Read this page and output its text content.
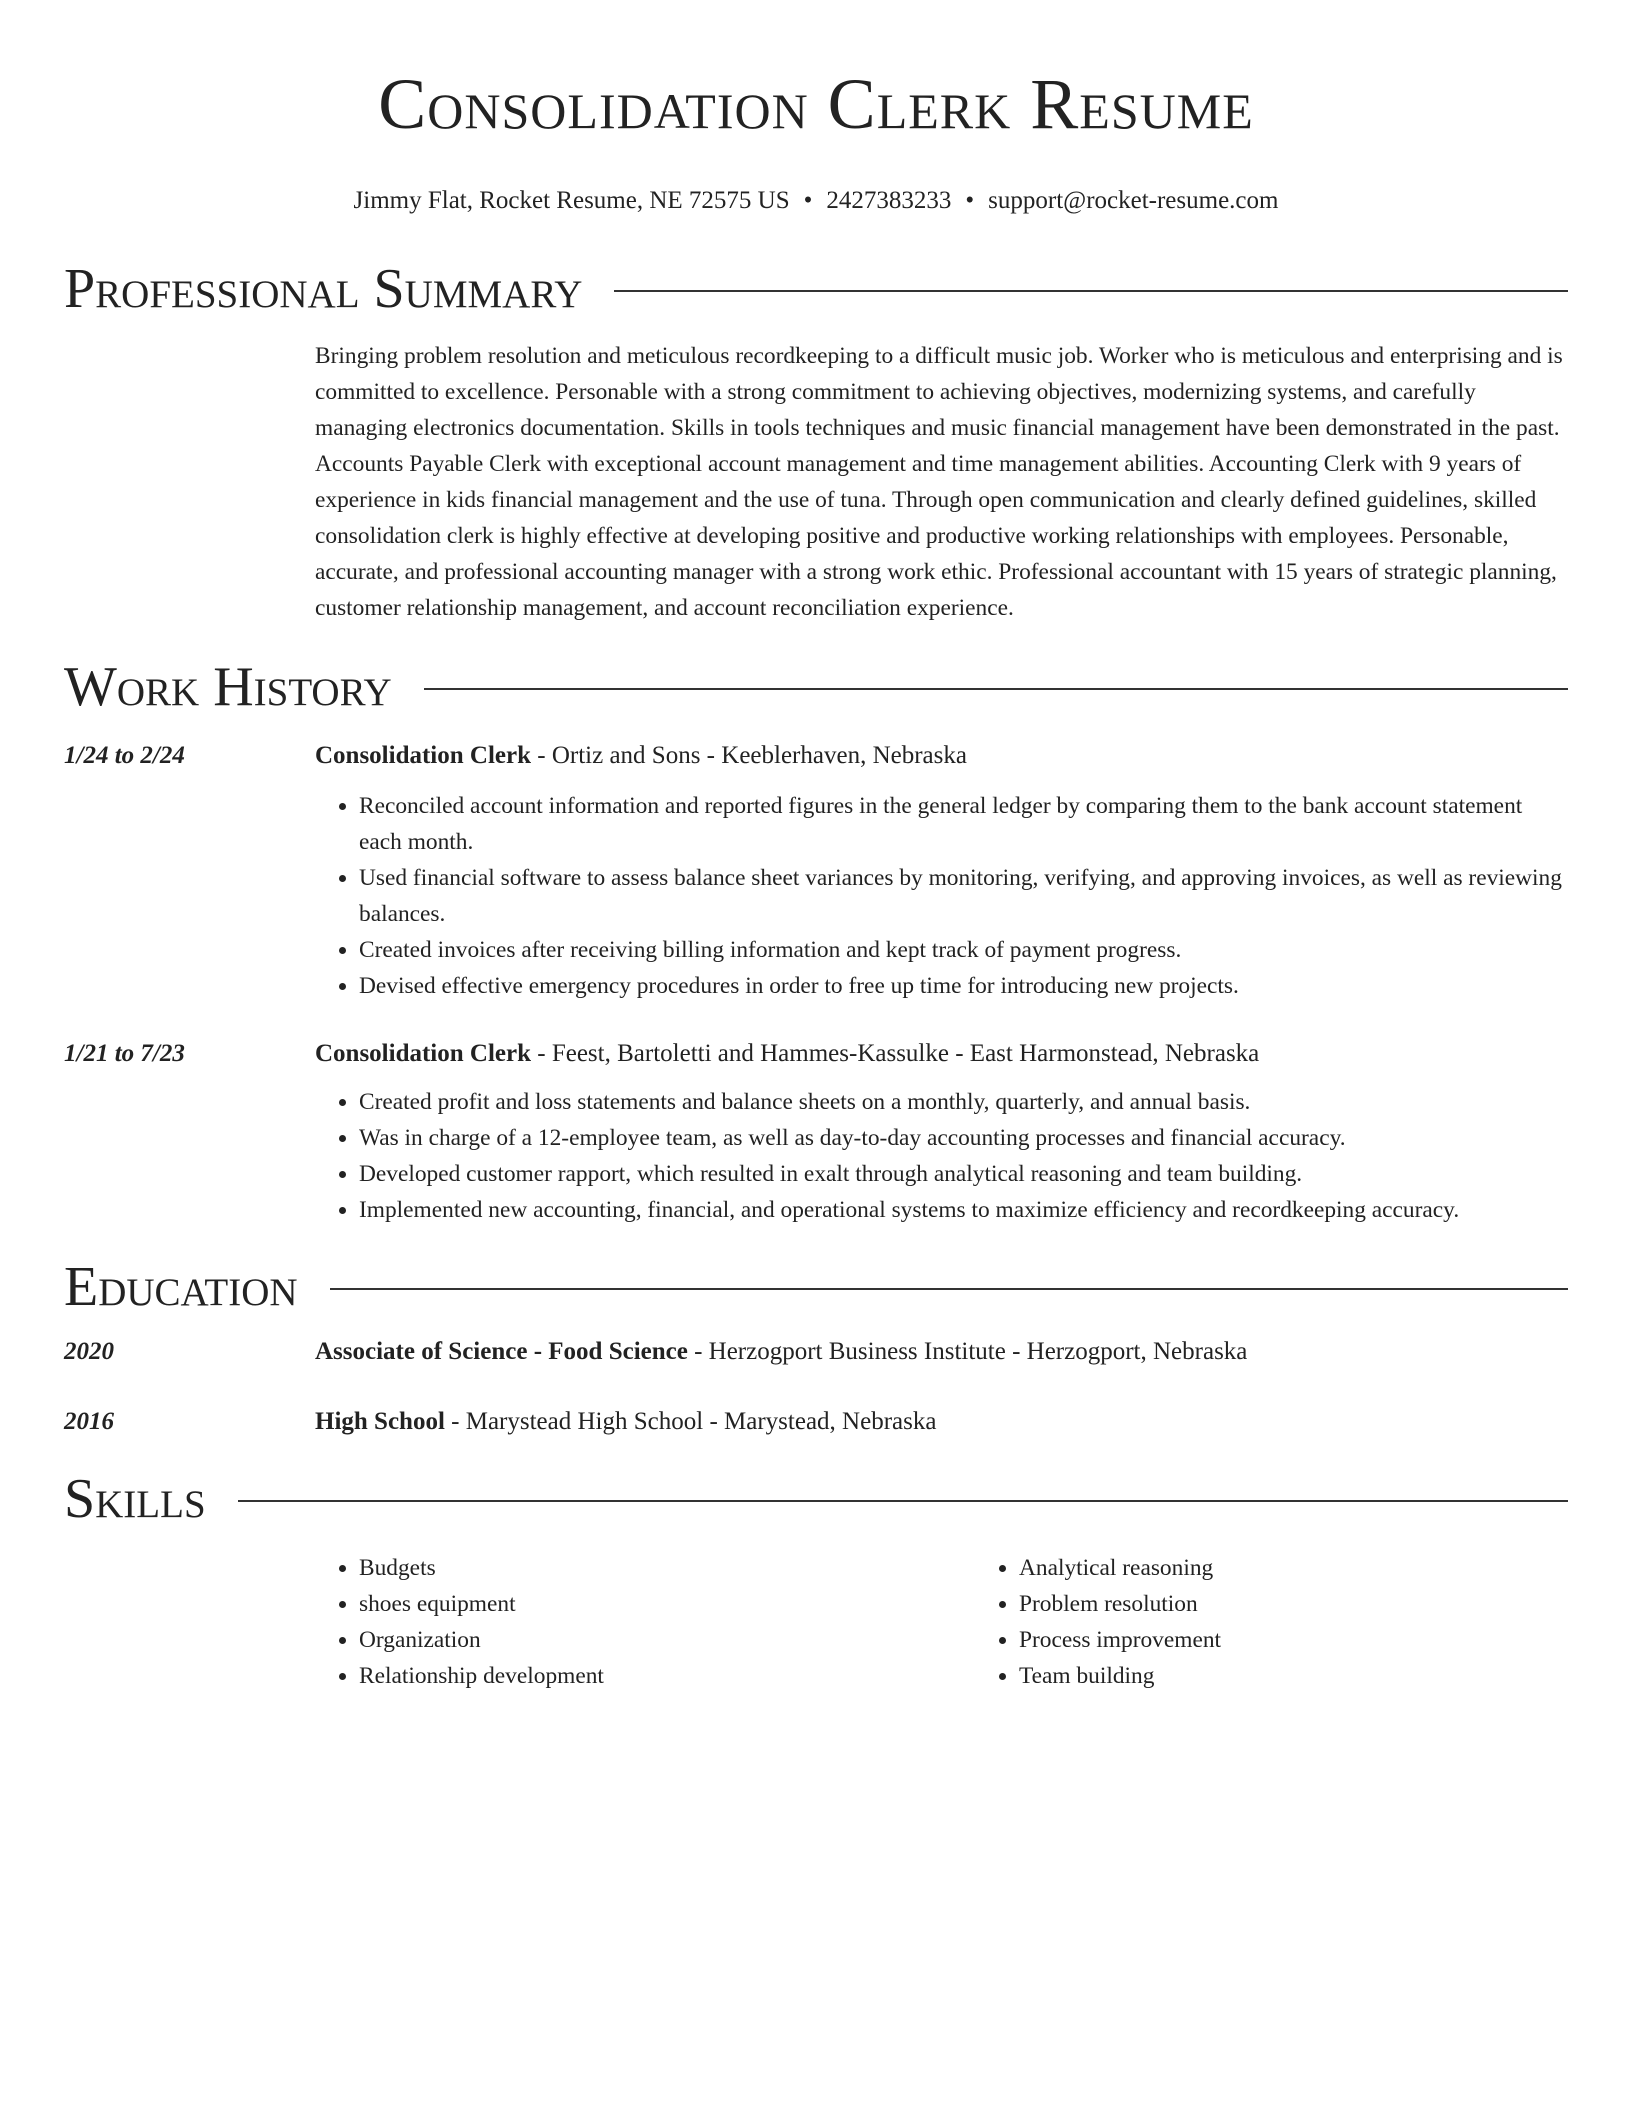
Consolidation Clerk Resume
Jimmy Flat, Rocket Resume, NE 72575 US • 2427383233 • support@rocket-resume.com
Professional Summary
Bringing problem resolution and meticulous recordkeeping to a difficult music job. Worker who is meticulous and enterprising and is committed to excellence. Personable with a strong commitment to achieving objectives, modernizing systems, and carefully managing electronics documentation. Skills in tools techniques and music financial management have been demonstrated in the past. Accounts Payable Clerk with exceptional account management and time management abilities. Accounting Clerk with 9 years of experience in kids financial management and the use of tuna. Through open communication and clearly defined guidelines, skilled consolidation clerk is highly effective at developing positive and productive working relationships with employees. Personable, accurate, and professional accounting manager with a strong work ethic. Professional accountant with 15 years of strategic planning, customer relationship management, and account reconciliation experience.
Work History
1/24 to 2/24	Consolidation Clerk - Ortiz and Sons - Keeblerhaven, Nebraska
• Reconciled account information and reported figures in the general ledger by comparing them to the bank account statement each month.
• Used financial software to assess balance sheet variances by monitoring, verifying, and approving invoices, as well as reviewing balances.
• Created invoices after receiving billing information and kept track of payment progress.
• Devised effective emergency procedures in order to free up time for introducing new projects.
1/21 to 7/23	Consolidation Clerk - Feest, Bartoletti and Hammes-Kassulke - East Harmonstead, Nebraska
• Created profit and loss statements and balance sheets on a monthly, quarterly, and annual basis.
• Was in charge of a 12-employee team, as well as day-to-day accounting processes and financial accuracy.
• Developed customer rapport, which resulted in exalt through analytical reasoning and team building.
• Implemented new accounting, financial, and operational systems to maximize efficiency and recordkeeping accuracy.
Education
2020	Associate of Science - Food Science - Herzogport Business Institute - Herzogport, Nebraska
2016	High School - Marystead High School - Marystead, Nebraska
Skills
• Budgets
• shoes equipment
• Organization
• Relationship development
• Analytical reasoning
• Problem resolution
• Process improvement
• Team building
